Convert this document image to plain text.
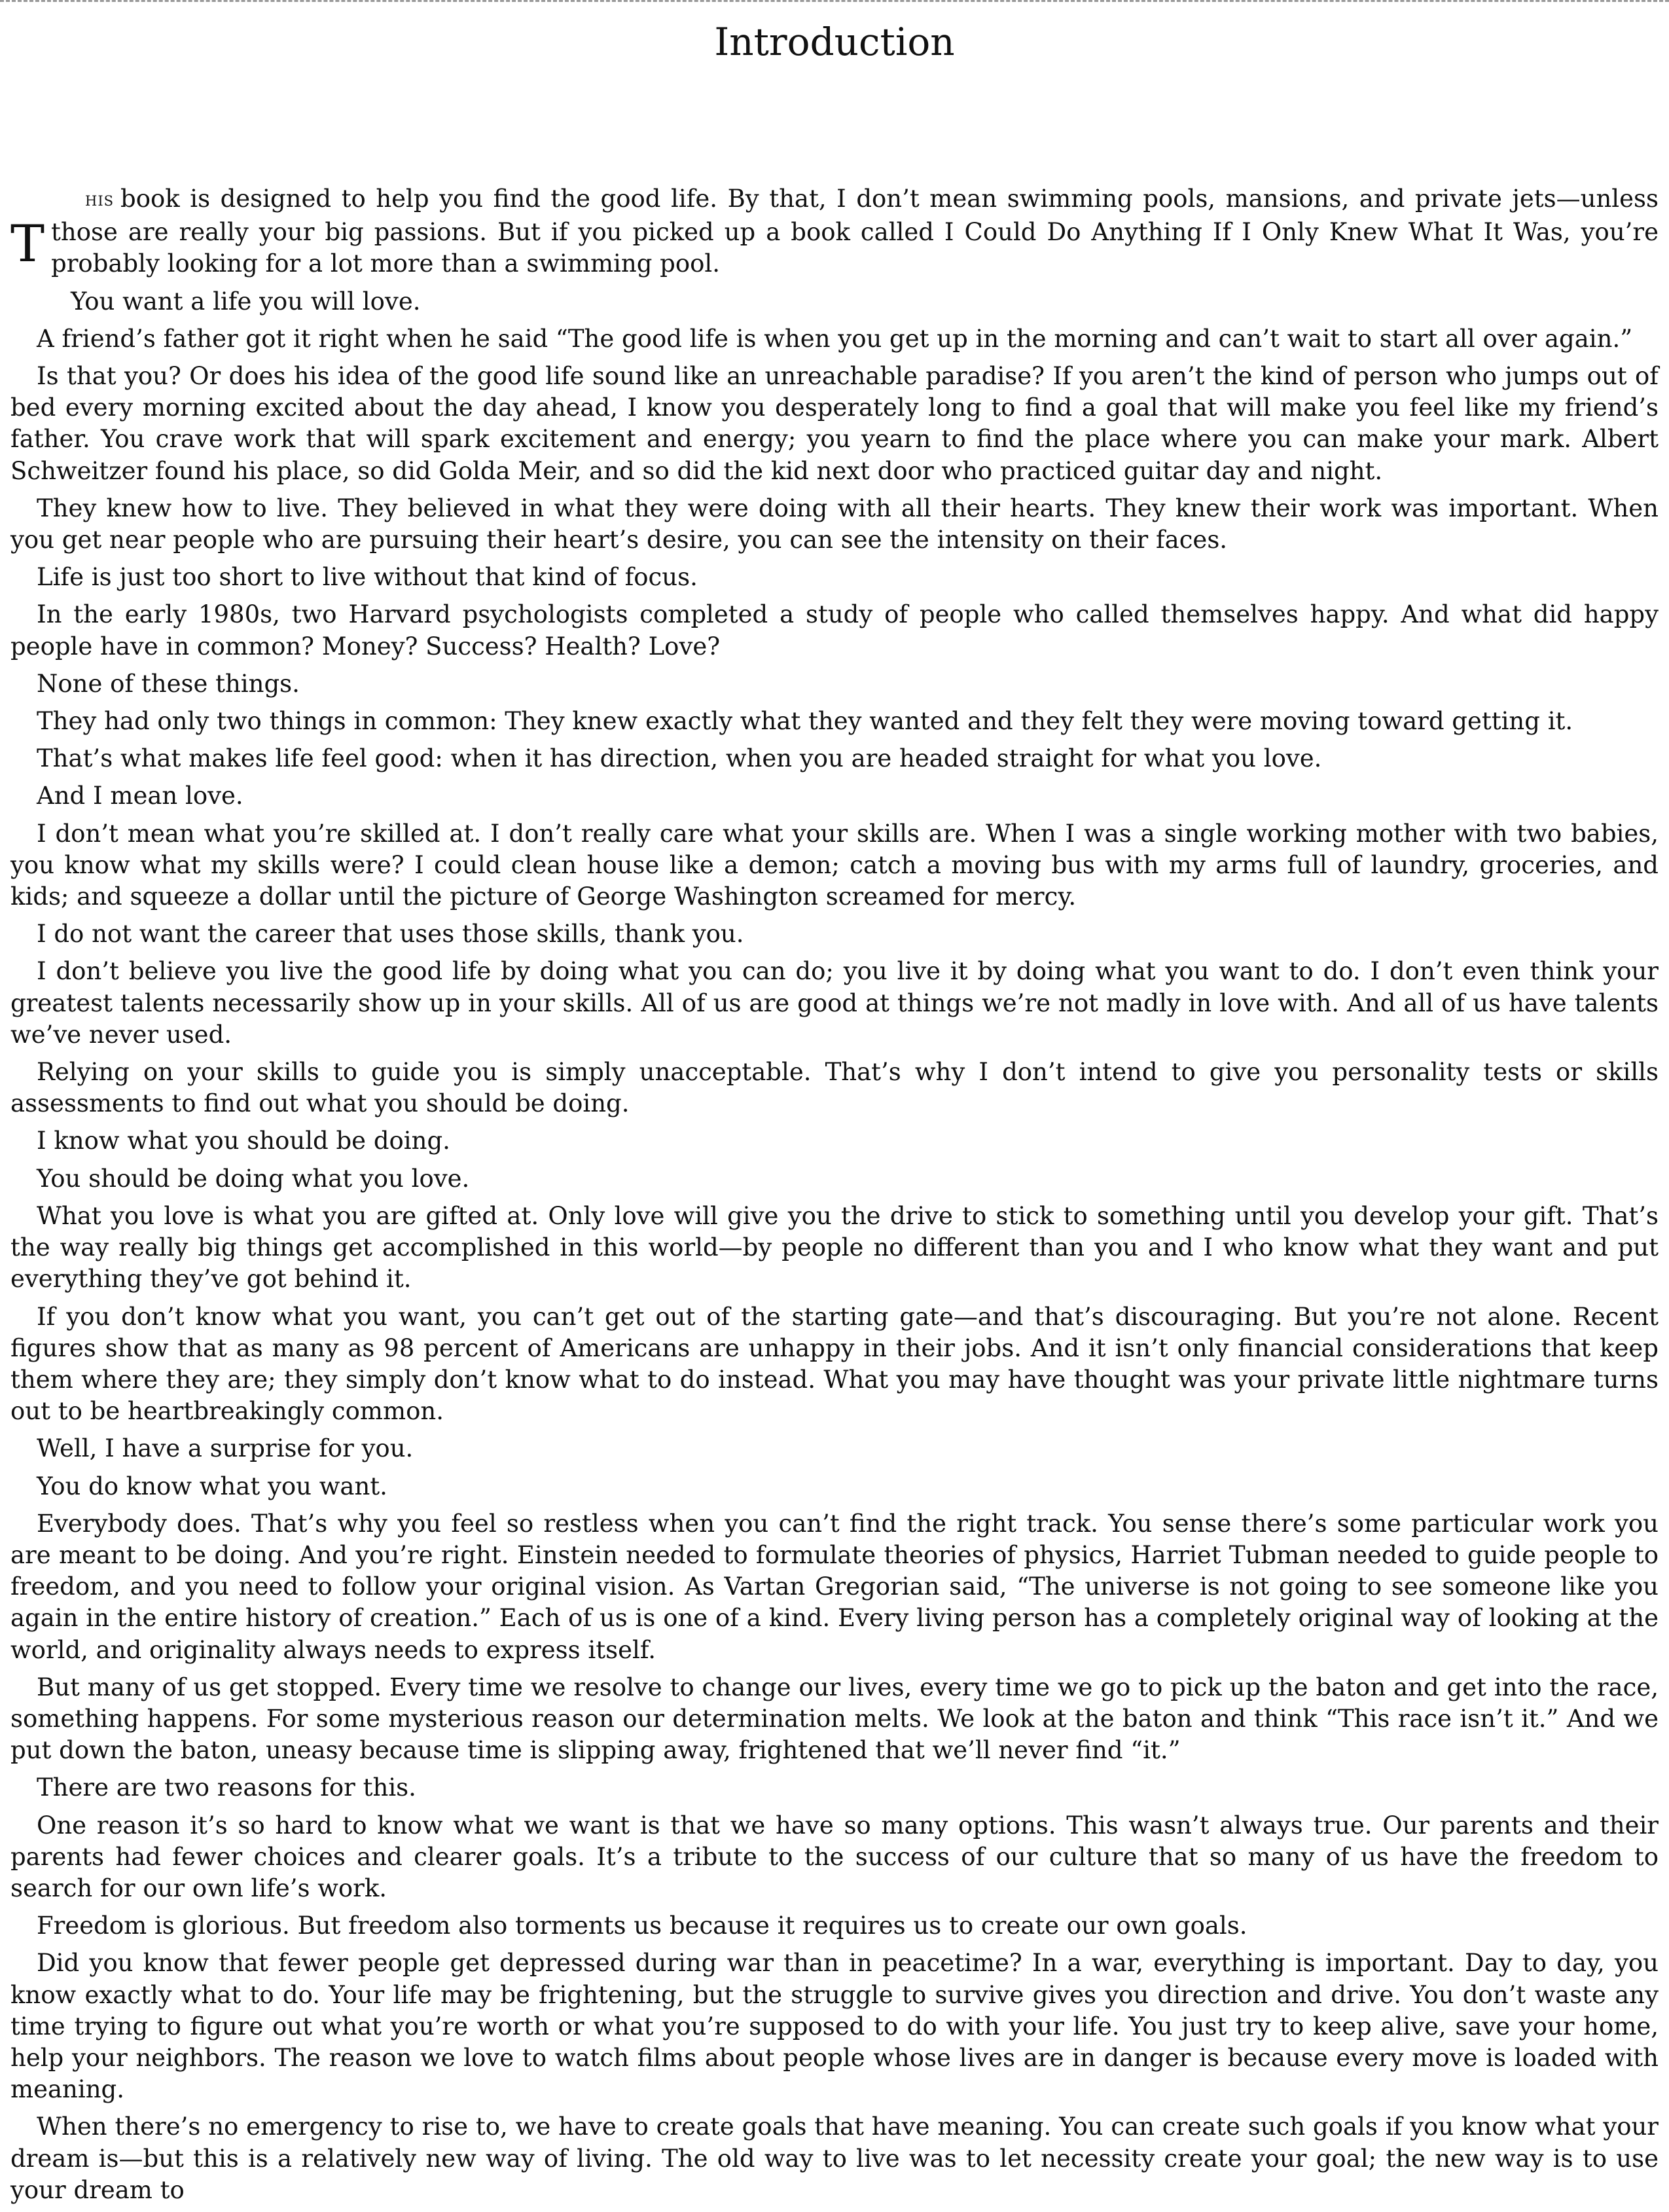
Introduction

T
HIS book is designed to help you find the good life. By that, I don’t mean swimming pools, mansions, and private jets—unless those are really your big passions. But if you picked up a book called I Could Do Anything If I Only Knew What It Was, you’re probably looking for a lot more than a swimming pool.

You want a life you will love.

A friend’s father got it right when he said “The good life is when you get up in the morning and can’t wait to start all over again.”

Is that you? Or does his idea of the good life sound like an unreachable paradise? If you aren’t the kind of person who jumps out of bed every morning excited about the day ahead, I know you desperately long to find a goal that will make you feel like my friend’s father. You crave work that will spark excitement and energy; you yearn to find the place where you can make your mark. Albert Schweitzer found his place, so did Golda Meir, and so did the kid next door who practiced guitar day and night.

They knew how to live. They believed in what they were doing with all their hearts. They knew their work was important. When you get near people who are pursuing their heart’s desire, you can see the intensity on their faces.

Life is just too short to live without that kind of focus.

In the early 1980s, two Harvard psychologists completed a study of people who called themselves happy. And what did happy people have in common? Money? Success? Health? Love?

None of these things.

They had only two things in common: They knew exactly what they wanted and they felt they were moving toward getting it.

That’s what makes life feel good: when it has direction, when you are headed straight for what you love.

And I mean love.

I don’t mean what you’re skilled at. I don’t really care what your skills are. When I was a single working mother with two babies, you know what my skills were? I could clean house like a demon; catch a moving bus with my arms full of laundry, groceries, and kids; and squeeze a dollar until the picture of George Washington screamed for mercy.

I do not want the career that uses those skills, thank you.

I don’t believe you live the good life by doing what you can do; you live it by doing what you want to do. I don’t even think your greatest talents necessarily show up in your skills. All of us are good at things we’re not madly in love with. And all of us have talents we’ve never used.

Relying on your skills to guide you is simply unacceptable. That’s why I don’t intend to give you personality tests or skills assessments to find out what you should be doing.

I know what you should be doing.

You should be doing what you love.

What you love is what you are gifted at. Only love will give you the drive to stick to something until you develop your gift. That’s the way really big things get accomplished in this world—by people no different than you and I who know what they want and put everything they’ve got behind it.

If you don’t know what you want, you can’t get out of the starting gate—and that’s discouraging. But you’re not alone. Recent figures show that as many as 98 percent of Americans are unhappy in their jobs. And it isn’t only financial considerations that keep them where they are; they simply don’t know what to do instead. What you may have thought was your private little nightmare turns out to be heartbreakingly common.

Well, I have a surprise for you.

You do know what you want.

Everybody does. That’s why you feel so restless when you can’t find the right track. You sense there’s some particular work you are meant to be doing. And you’re right. Einstein needed to formulate theories of physics, Harriet Tubman needed to guide people to freedom, and you need to follow your original vision. As Vartan Gregorian said, “The universe is not going to see someone like you again in the entire history of creation.” Each of us is one of a kind. Every living person has a completely original way of looking at the world, and originality always needs to express itself.

But many of us get stopped. Every time we resolve to change our lives, every time we go to pick up the baton and get into the race, something happens. For some mysterious reason our determination melts. We look at the baton and think “This race isn’t it.” And we put down the baton, uneasy because time is slipping away, frightened that we’ll never find “it.”

There are two reasons for this.

One reason it’s so hard to know what we want is that we have so many options. This wasn’t always true. Our parents and their parents had fewer choices and clearer goals. It’s a tribute to the success of our culture that so many of us have the freedom to search for our own life’s work.

Freedom is glorious. But freedom also torments us because it requires us to create our own goals.

Did you know that fewer people get depressed during war than in peacetime? In a war, everything is important. Day to day, you know exactly what to do. Your life may be frightening, but the struggle to survive gives you direction and drive. You don’t waste any time trying to figure out what you’re worth or what you’re supposed to do with your life. You just try to keep alive, save your home, help your neighbors. The reason we love to watch films about people whose lives are in danger is because every move is loaded with meaning.

When there’s no emergency to rise to, we have to create goals that have meaning. You can create such goals if you know what your dream is—but this is a relatively new way of living. The old way to live was to let necessity create your goal; the new way is to use your dream to
